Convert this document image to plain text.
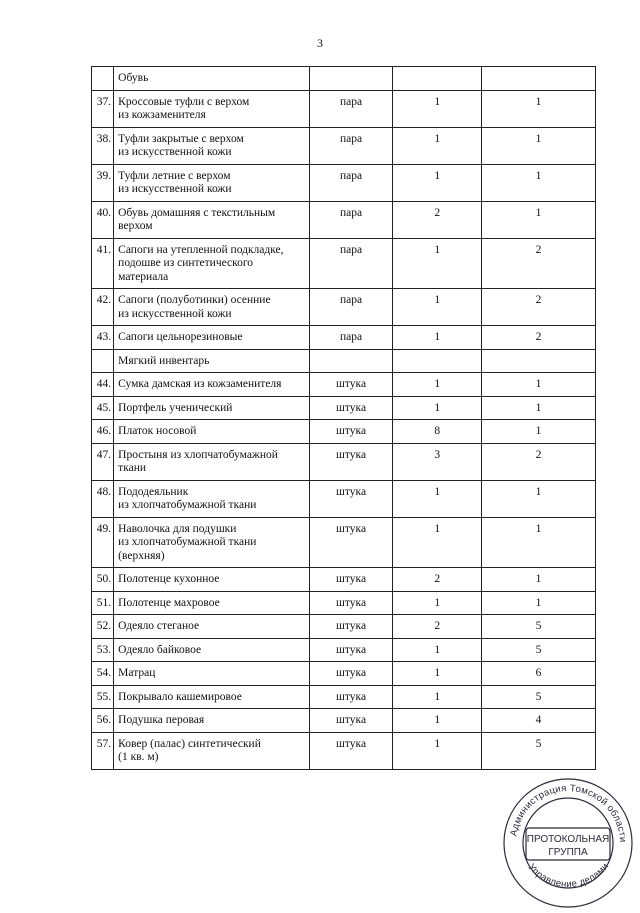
3
	Обувь			
37.	Кроссовые туфли с верхом
из кожзаменителя	пара	1	1
38.	Туфли закрытые с верхом
из искусственной кожи	пара	1	1
39.	Туфли летние с верхом
из искусственной кожи	пара	1	1
40.	Обувь домашняя с текстильным
верхом	пара	2	1
41.	Сапоги на утепленной подкладке,
подошве из синтетического
материала	пара	1	2
42.	Сапоги (полуботинки) осенние
из искусственной кожи	пара	1	2
43.	Сапоги цельнорезиновые	пара	1	2
	Мягкий инвентарь			
44.	Сумка дамская из кожзаменителя	штука	1	1
45.	Портфель ученический	штука	1	1
46.	Платок носовой	штука	8	1
47.	Простыня из хлопчатобумажной
ткани	штука	3	2
48.	Пододеяльник
из хлопчатобумажной ткани	штука	1	1
49.	Наволочка для подушки
из хлопчатобумажной ткани
(верхняя)	штука	1	1
50.	Полотенце кухонное	штука	2	1
51.	Полотенце махровое	штука	1	1
52.	Одеяло стеганое	штука	2	5
53.	Одеяло байковое	штука	1	5
54.	Матрац	штука	1	6
55.	Покрывало кашемировое	штука	1	5
56.	Подушка перовая	штука	1	4
57.	Ковер (палас) синтетический
(1 кв. м)	штука	1	5
Администрация Томской области
Управление делами
ПРОТОКОЛЬНАЯ
ГРУППА
